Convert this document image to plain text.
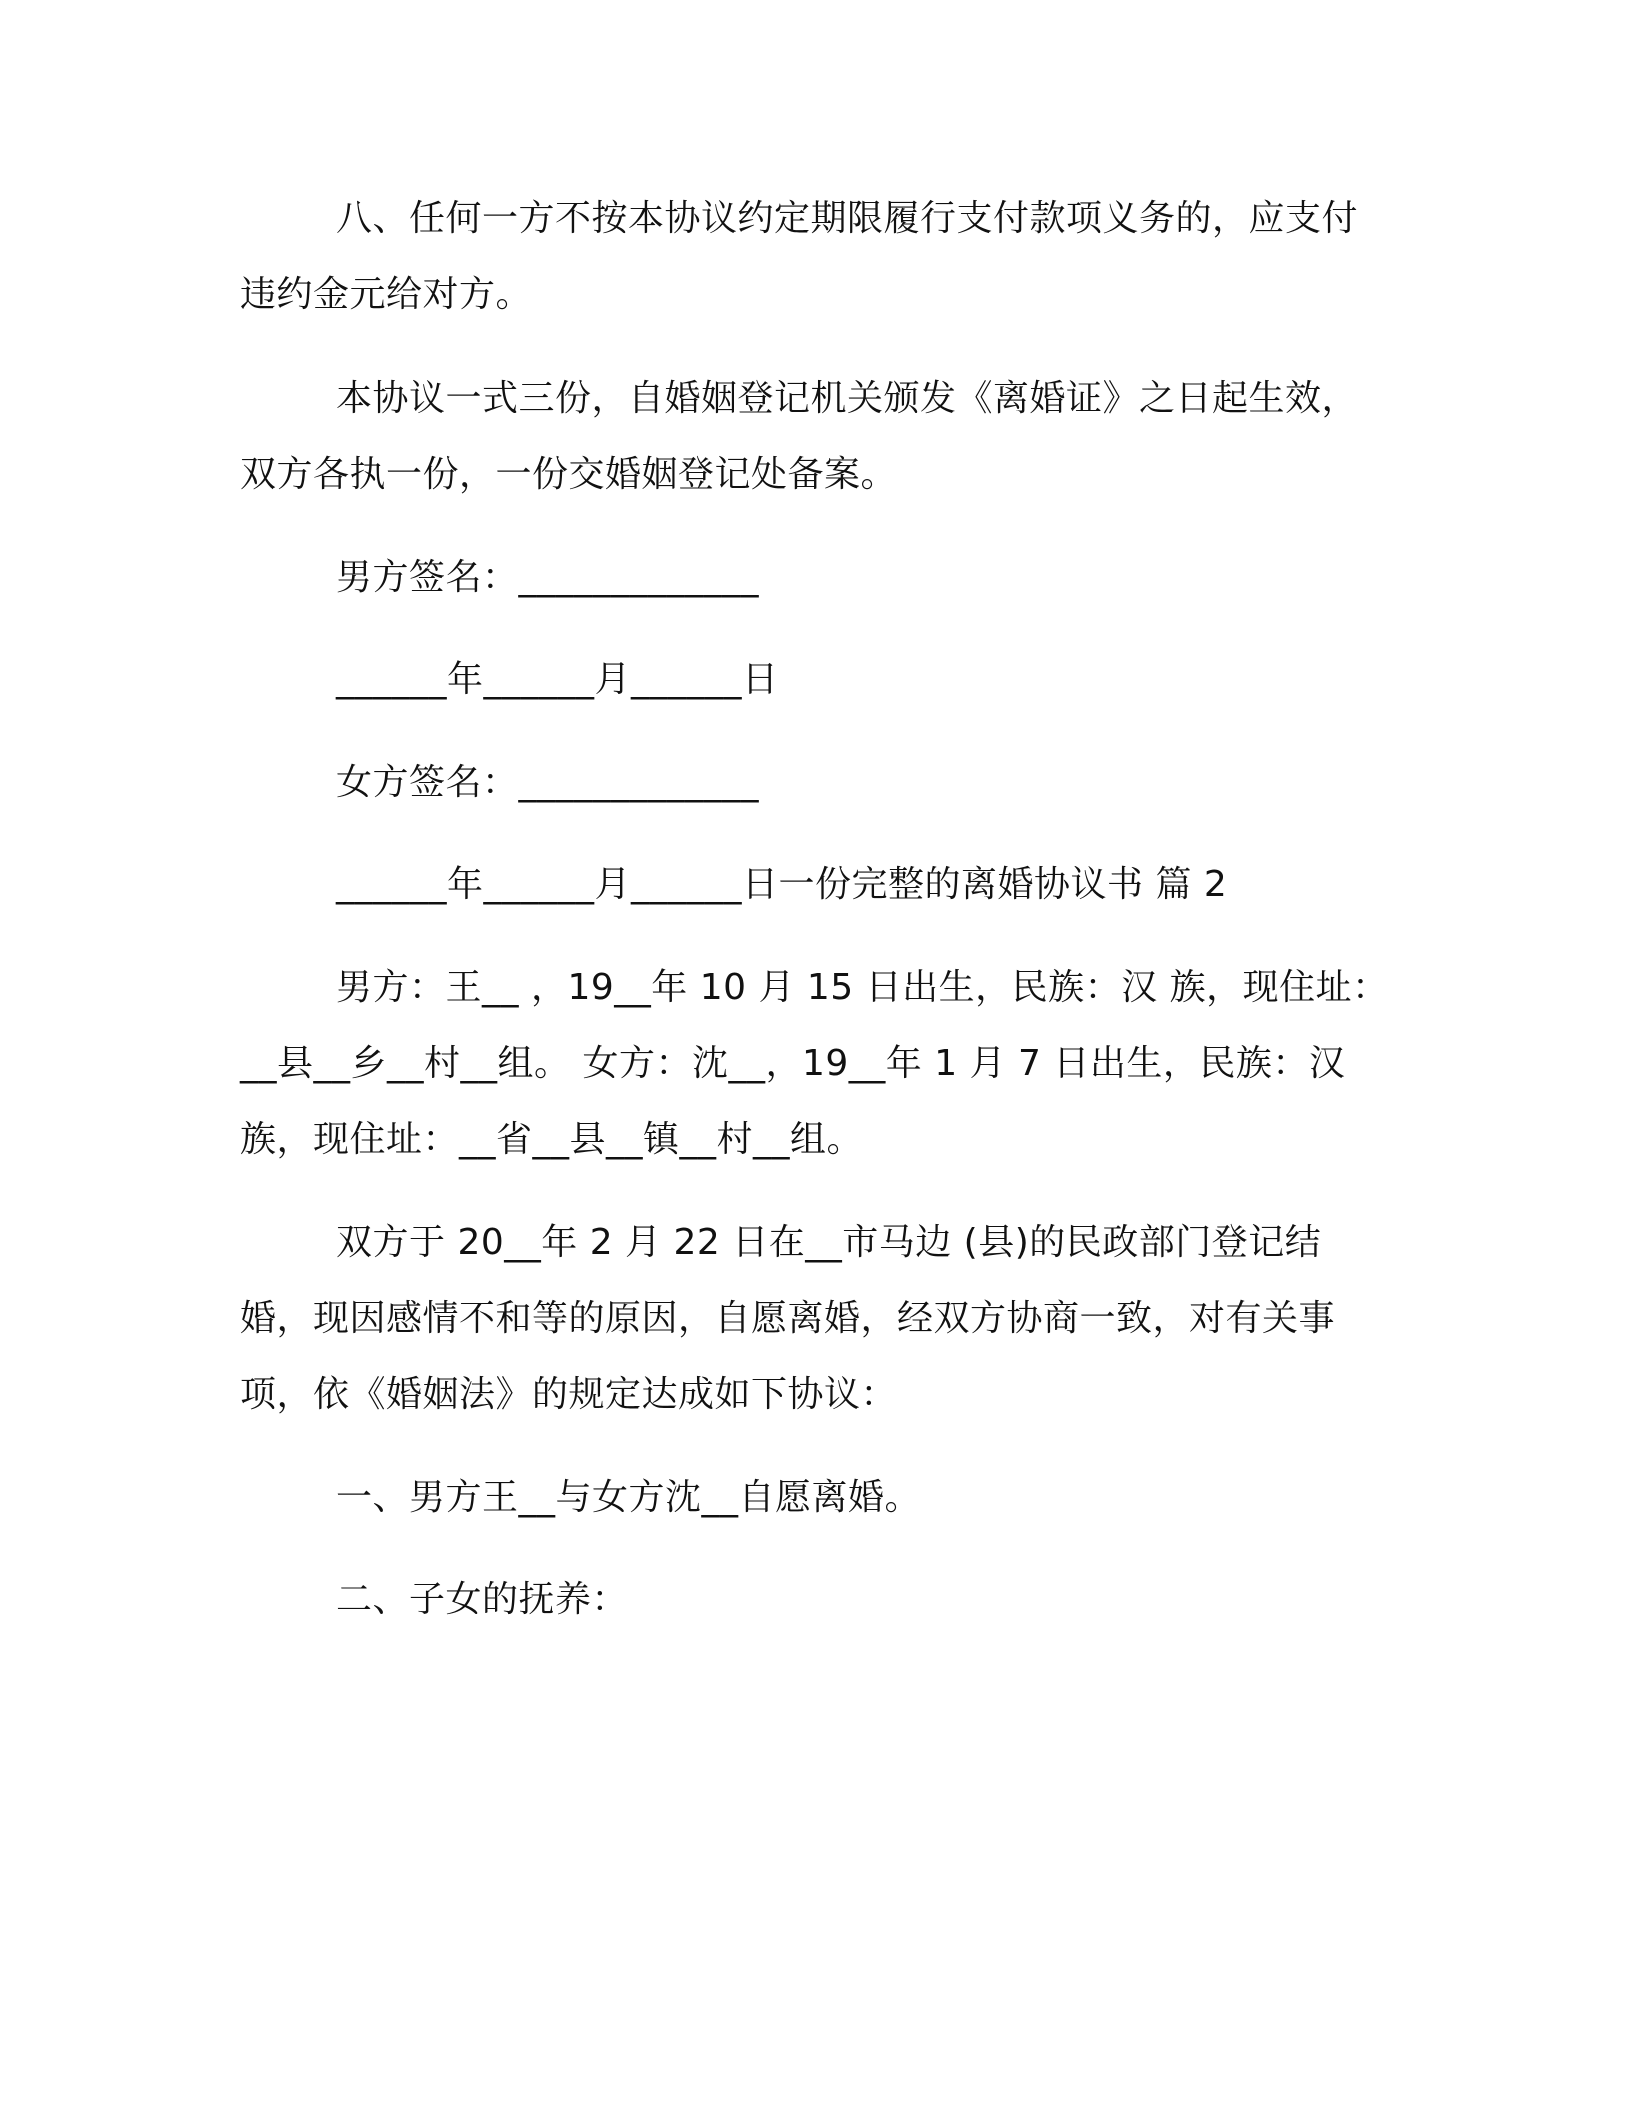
八、任何一方不按本协议约定期限履行支付款项义务的，应支付违约金元给对方。
本协议一式三份，自婚姻登记机关颁发《离婚证》之日起生效，双方各执一份，一份交婚姻登记处备案。
男方签名：_____________
______年______月______日
女方签名：_____________
______年______月______日一份完整的离婚协议书 篇 2
男方：王__ ，19__年 10 月 15 日出生，民族：汉 族，现住址：__县__乡__村__组。 女方：沈__，19__年 1 月 7 日出生，民族：汉族，现住址：__省__县__镇__村__组。
双方于 20__年 2 月 22 日在__市马边 (县)的民政部门登记结婚，现因感情不和等的原因，自愿离婚，经双方协商一致，对有关事项，依《婚姻法》的规定达成如下协议：
一、男方王__与女方沈__自愿离婚。
二、子女的抚养：
